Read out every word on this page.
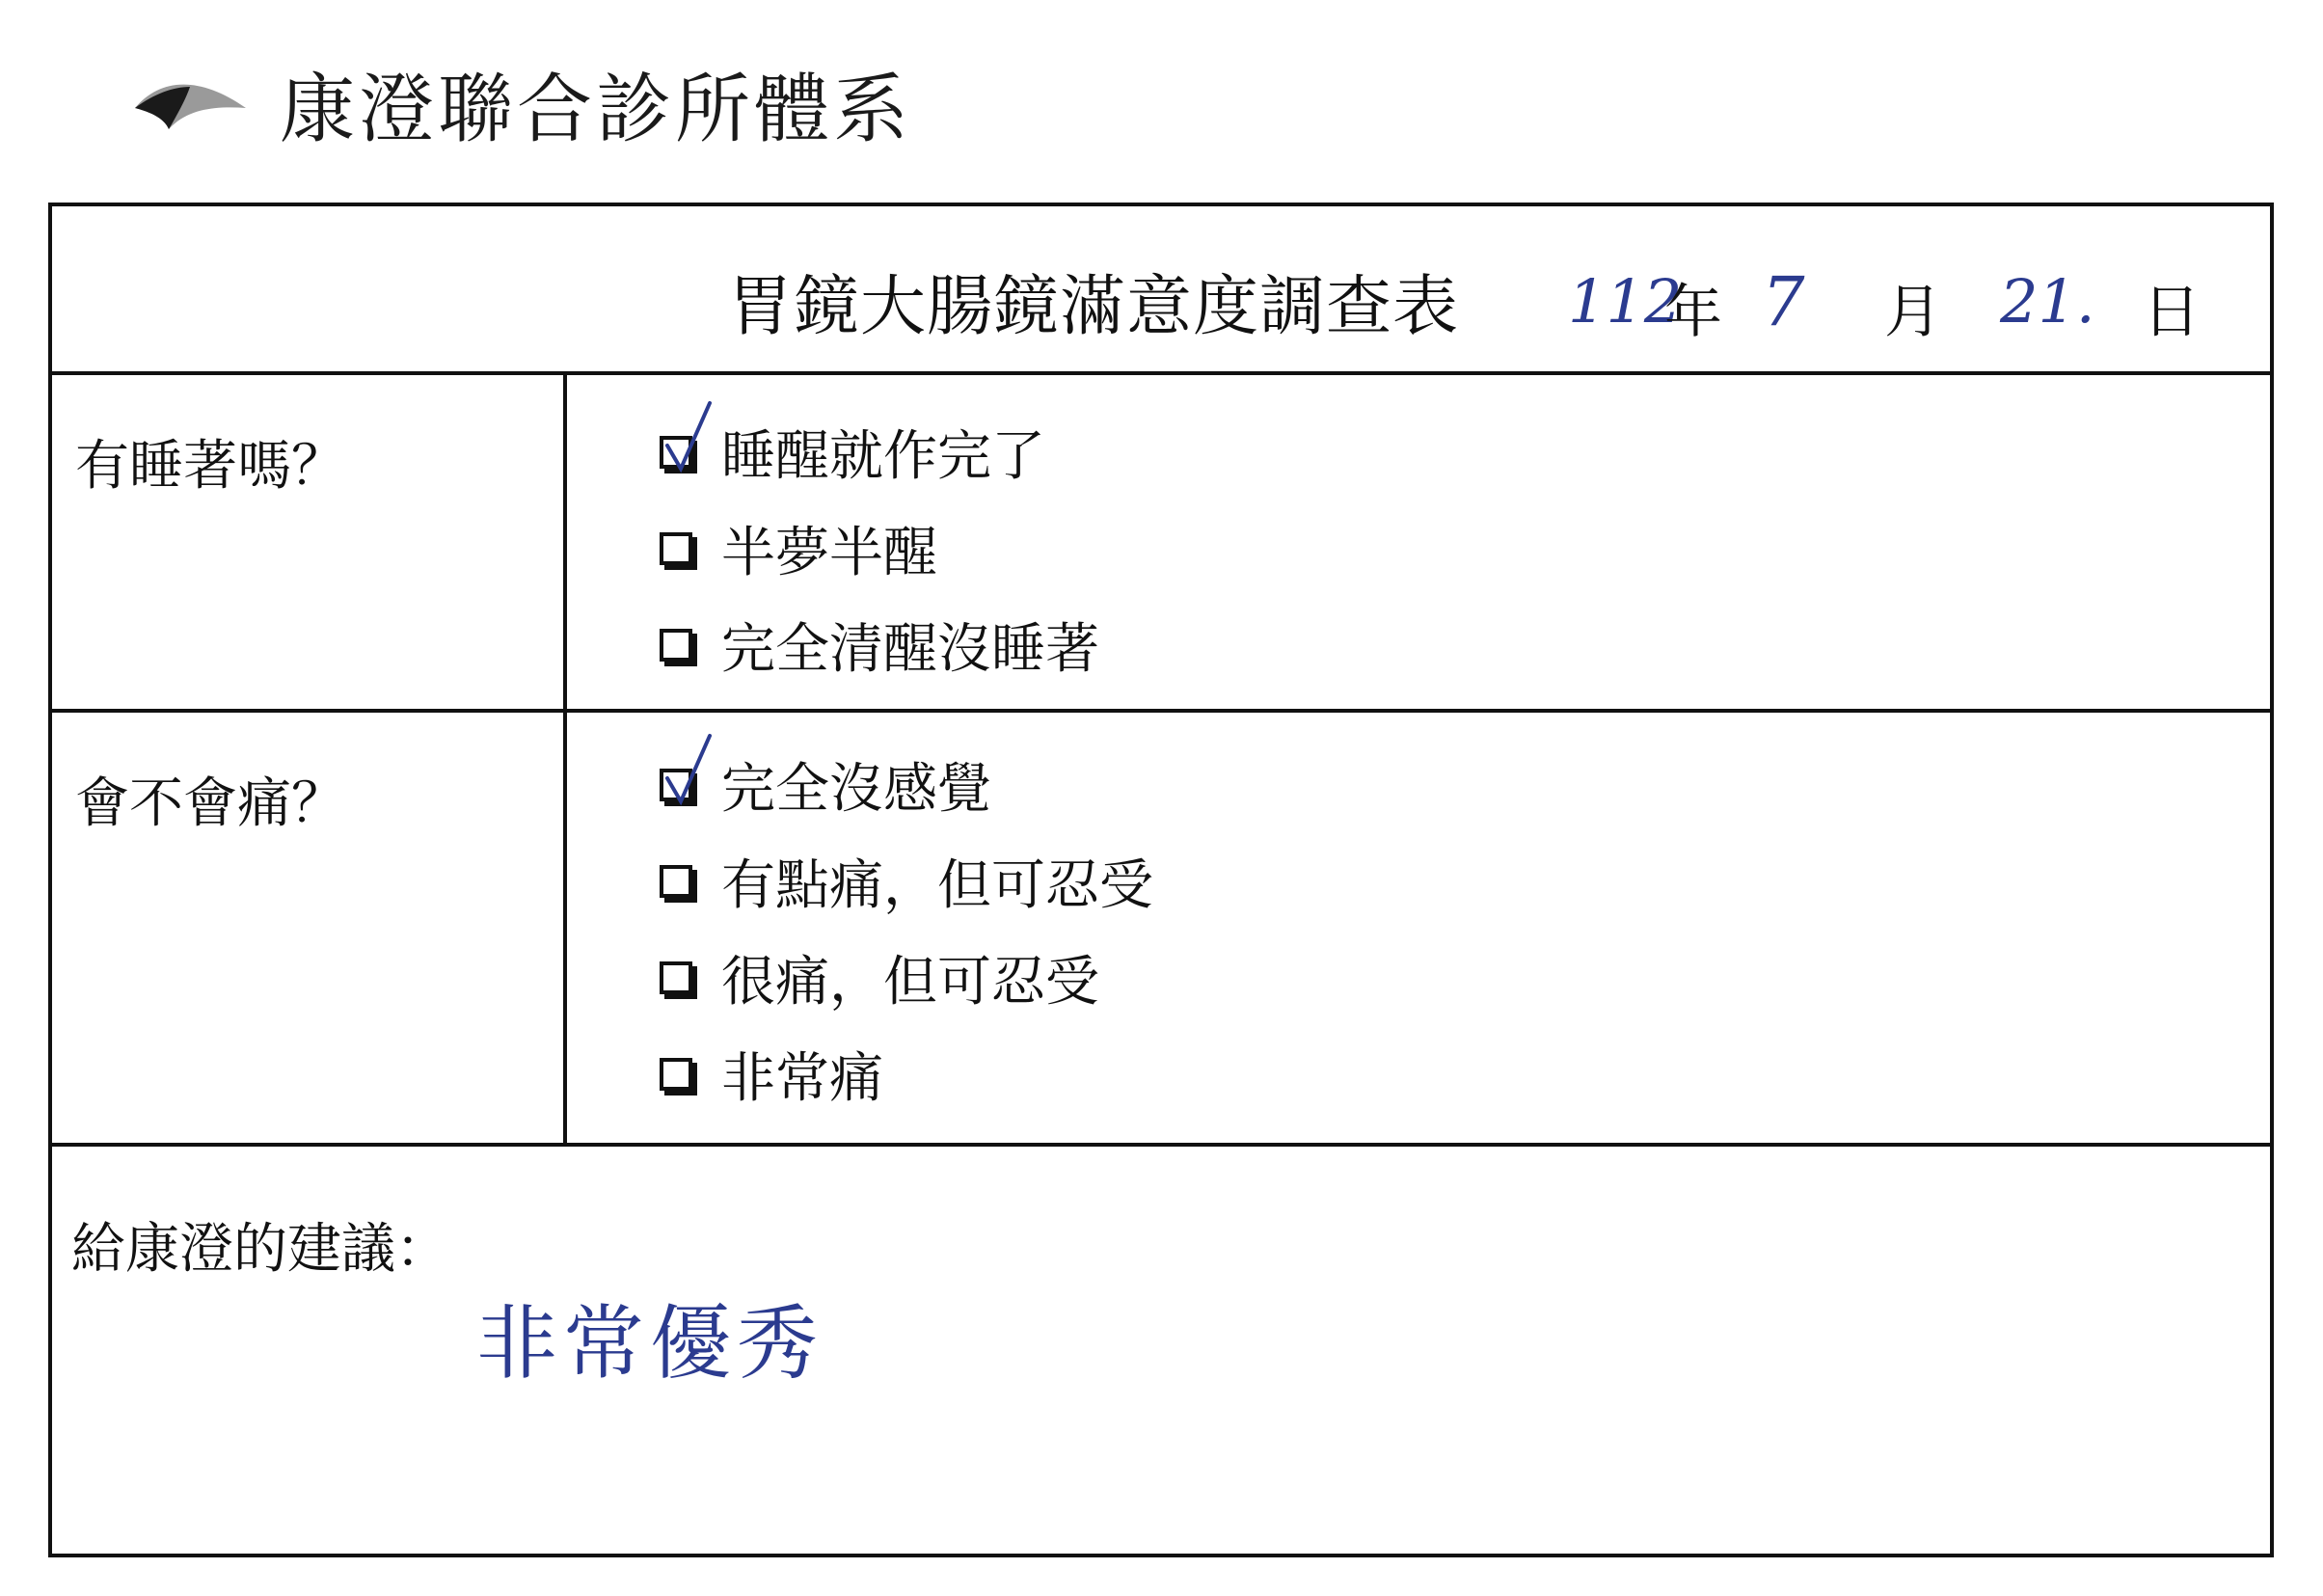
康澄聯合診所體系
胃鏡大腸鏡滿意度調查表 112
年 7 月 21. 日
有睡著嗎？	睡醒就作完了
半夢半醒
完全清醒沒睡著
會不會痛？	完全沒感覺
有點痛，但可忍受
很痛，但可忍受
非常痛
給康澄的建議：
非常優秀
